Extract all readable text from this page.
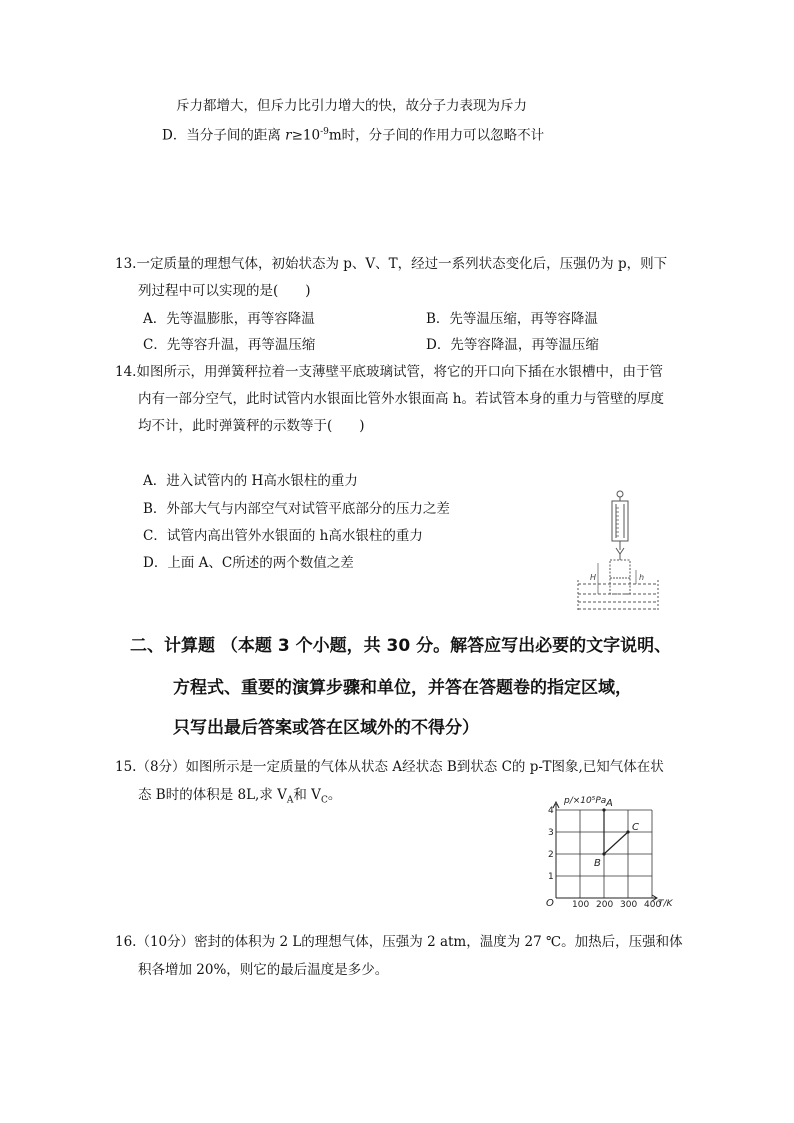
斥力都增大，但斥力比引力增大的快，故分子力表现为斥力
D．当分子间的距离 $r\ge 10^{-9}m$时，分子间的作用力可以忽略不计
13.一定质量的理想气体，初始状态为 p、V、T，经过一系列状态变化后，压强仍为 p，则下
列过程中可以实现的是(　　)
A．先等温膨胀，再等容降温	B．先等温压缩，再等容降温
C．先等容升温，再等温压缩	D．先等容降温，再等温压缩
14.如图所示，用弹簧秤拉着一支薄壁平底玻璃试管，将它的开口向下插在水银槽中，由于管
内有一部分空气，此时试管内水银面比管外水银面高 h。若试管本身的重力与管壁的厚度
均不计，此时弹簧秤的示数等于(　　)
A．进入试管内的 H高水银柱的重力
B．外部大气与内部空气对试管平底部分的压力之差
C．试管内高出管外水银面的 h高水银柱的重力
D．上面 A、C所述的两个数值之差
H	h
二、计算题 （本题 3 个小题，共 30 分。解答应写出必要的文字说明、
方程式、重要的演算步骤和单位，并答在答题卷的指定区域，
只写出最后答案或答在区域外的不得分）
15.（8分）如图所示是一定质量的气体从状态 A经状态 B到状态 C的 p-T图象,已知气体在状
态 B时的体积是 8L,求 $V_A$和 $V_C$。
100 200 300 400
1
2
3
4
A
B
C
p/×10⁵Pa
T/K
O
16.（10分）密封的体积为 2 L的理想气体，压强为 2 atm，温度为 27 ℃。加热后，压强和体
积各增加 20%，则它的最后温度是多少。
